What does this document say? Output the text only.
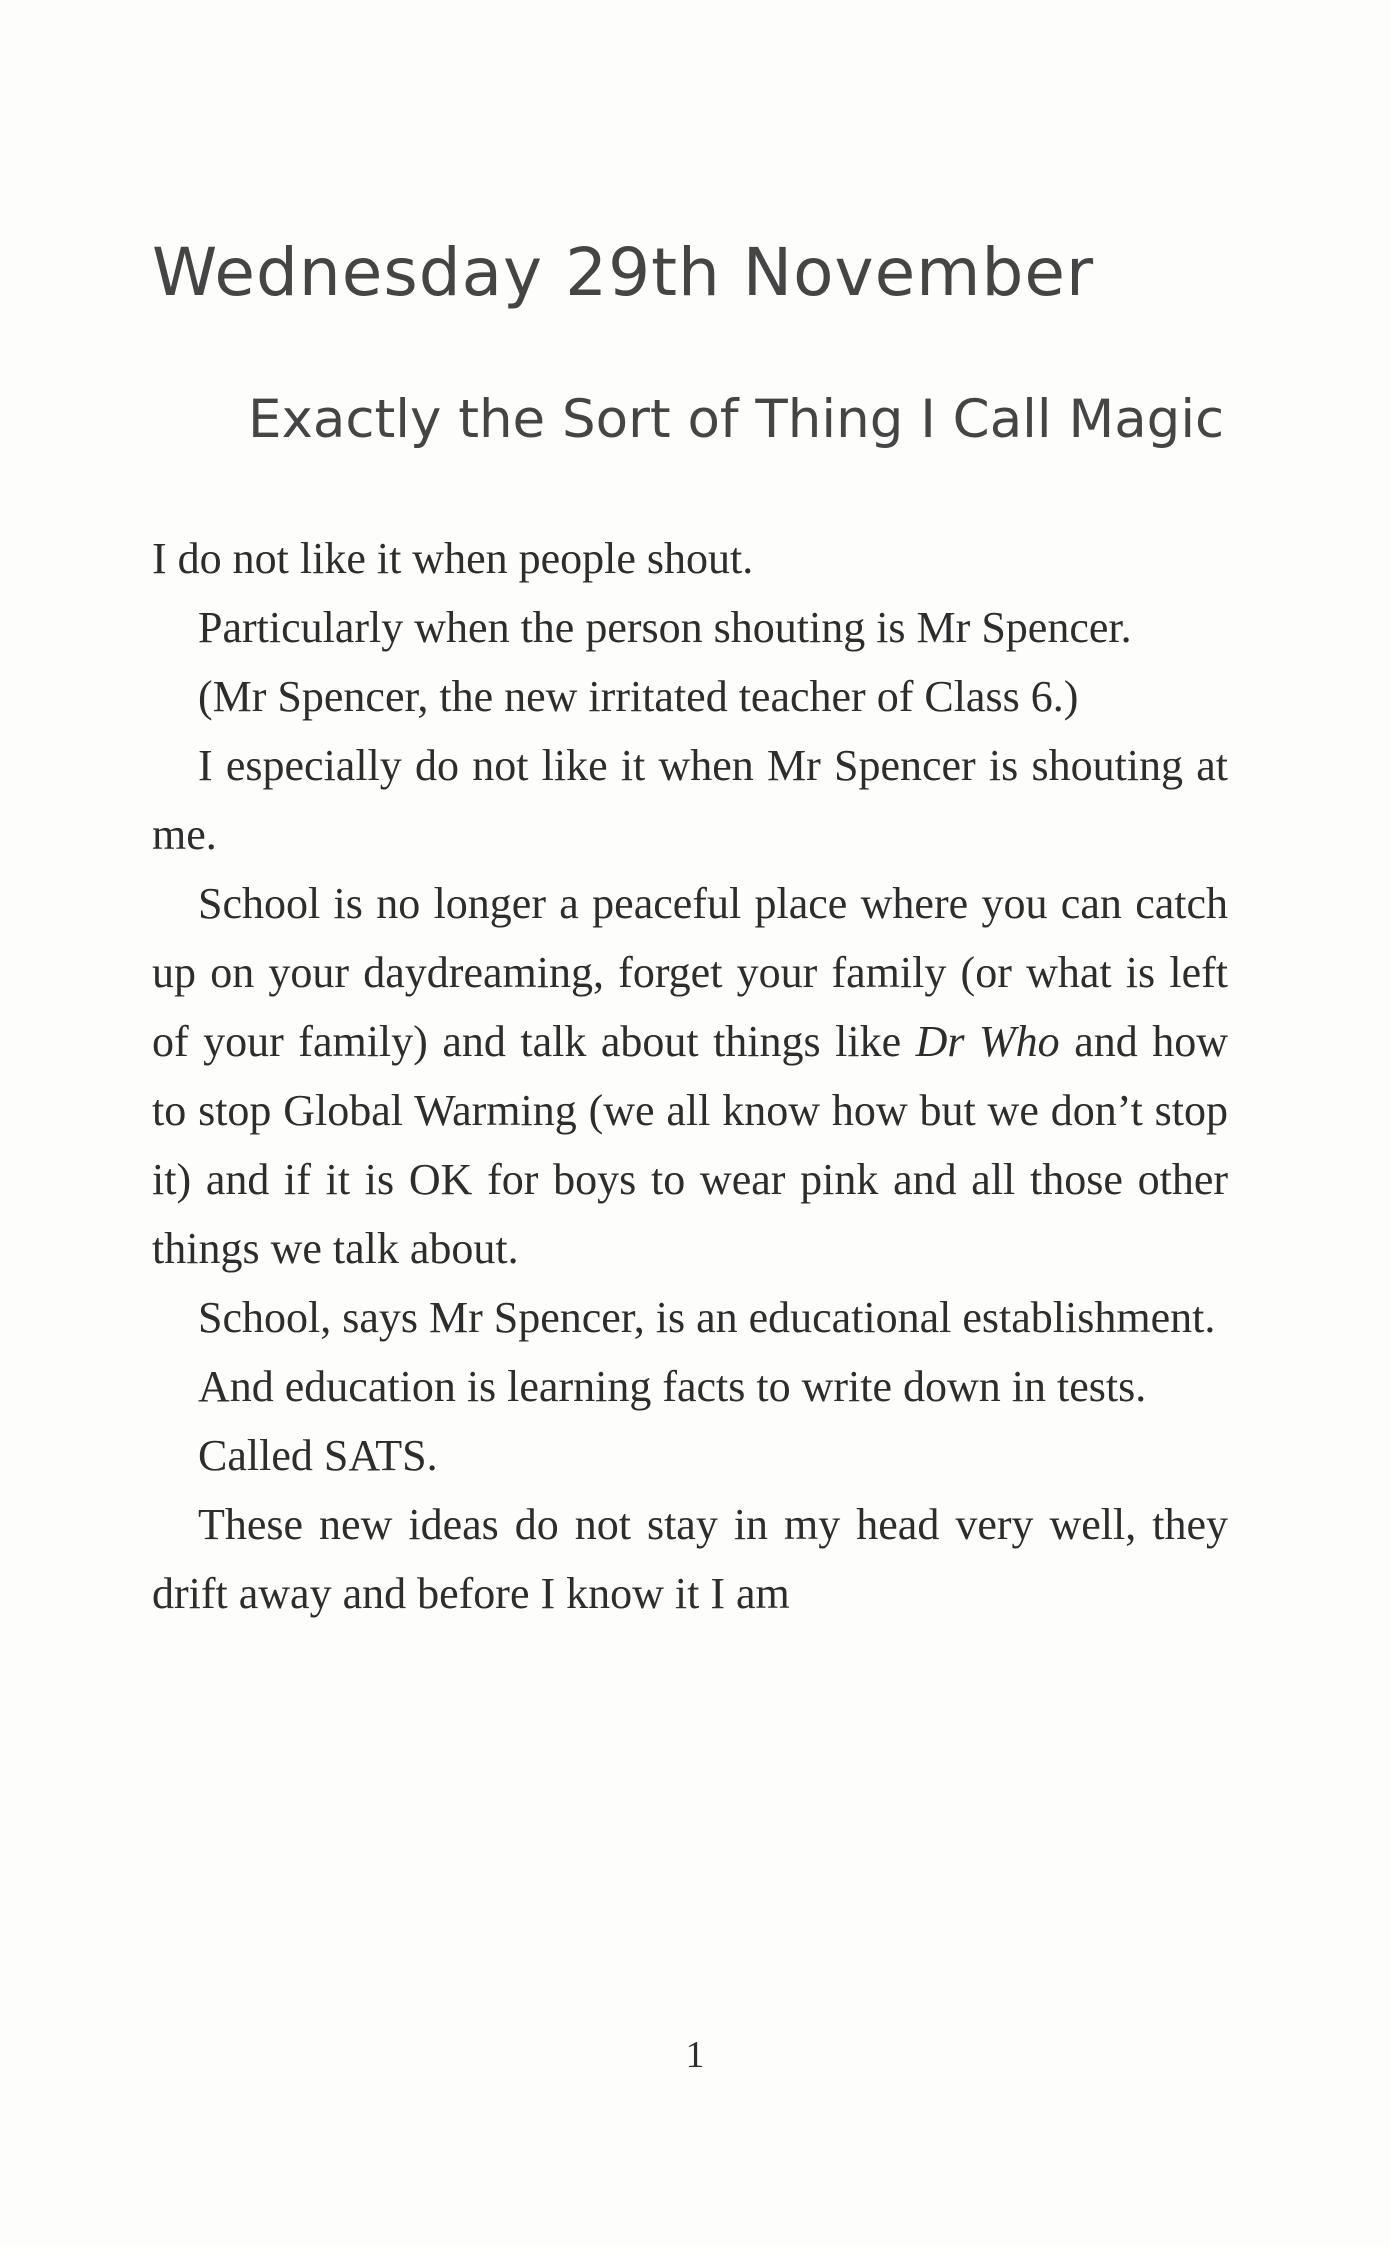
Wednesday 29th November
Exactly the Sort of Thing I Call Magic

I do not like it when people shout.

Particularly when the person shouting is Mr Spencer.

(Mr Spencer, the new irritated teacher of Class 6.)

I especially do not like it when Mr Spencer is shouting at me.

School is no longer a peaceful place where you can catch up on your daydreaming, forget your family (or what is left of your family) and talk about things like Dr Who and how to stop Global Warming (we all know how but we don’t stop it) and if it is OK for boys to wear pink and all those other things we talk about.

School, says Mr Spencer, is an educational establishment.

And education is learning facts to write down in tests.

Called SATS.

These new ideas do not stay in my head very well, they drift away and before I know it I am

1
